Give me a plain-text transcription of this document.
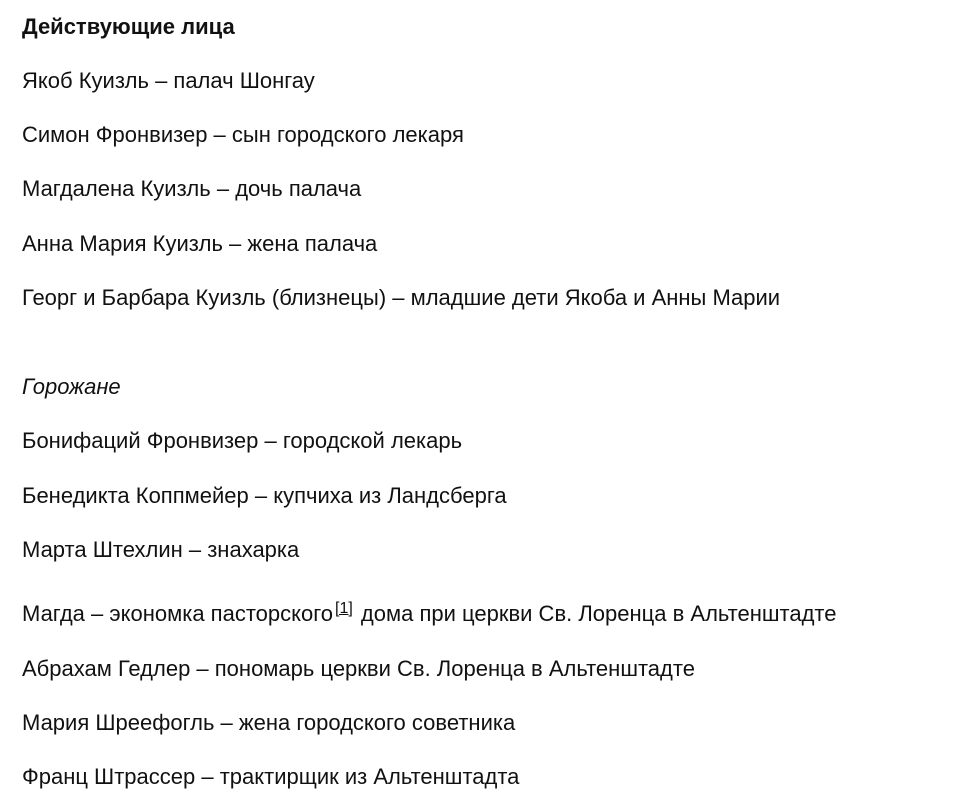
Действующие лица
Якоб Куизль – палач Шонгау
Симон Фронвизер – сын городского лекаря
Магдалена Куизль – дочь палача
Анна Мария Куизль – жена палача
Георг и Барбара Куизль (близнецы) – младшие дети Якоба и Анны Марии
Горожане
Бонифаций Фронвизер – городской лекарь
Бенедикта Коппмейер – купчиха из Ландсберга
Марта Штехлин – знахарка
Магда – экономка пасторского [1] дома при церкви Св. Лоренца в Альтенштадте
Абрахам Гедлер – пономарь церкви Св. Лоренца в Альтенштадте
Мария Шреефогль – жена городского советника
Франц Штрассер – трактирщик из Альтенштадта
